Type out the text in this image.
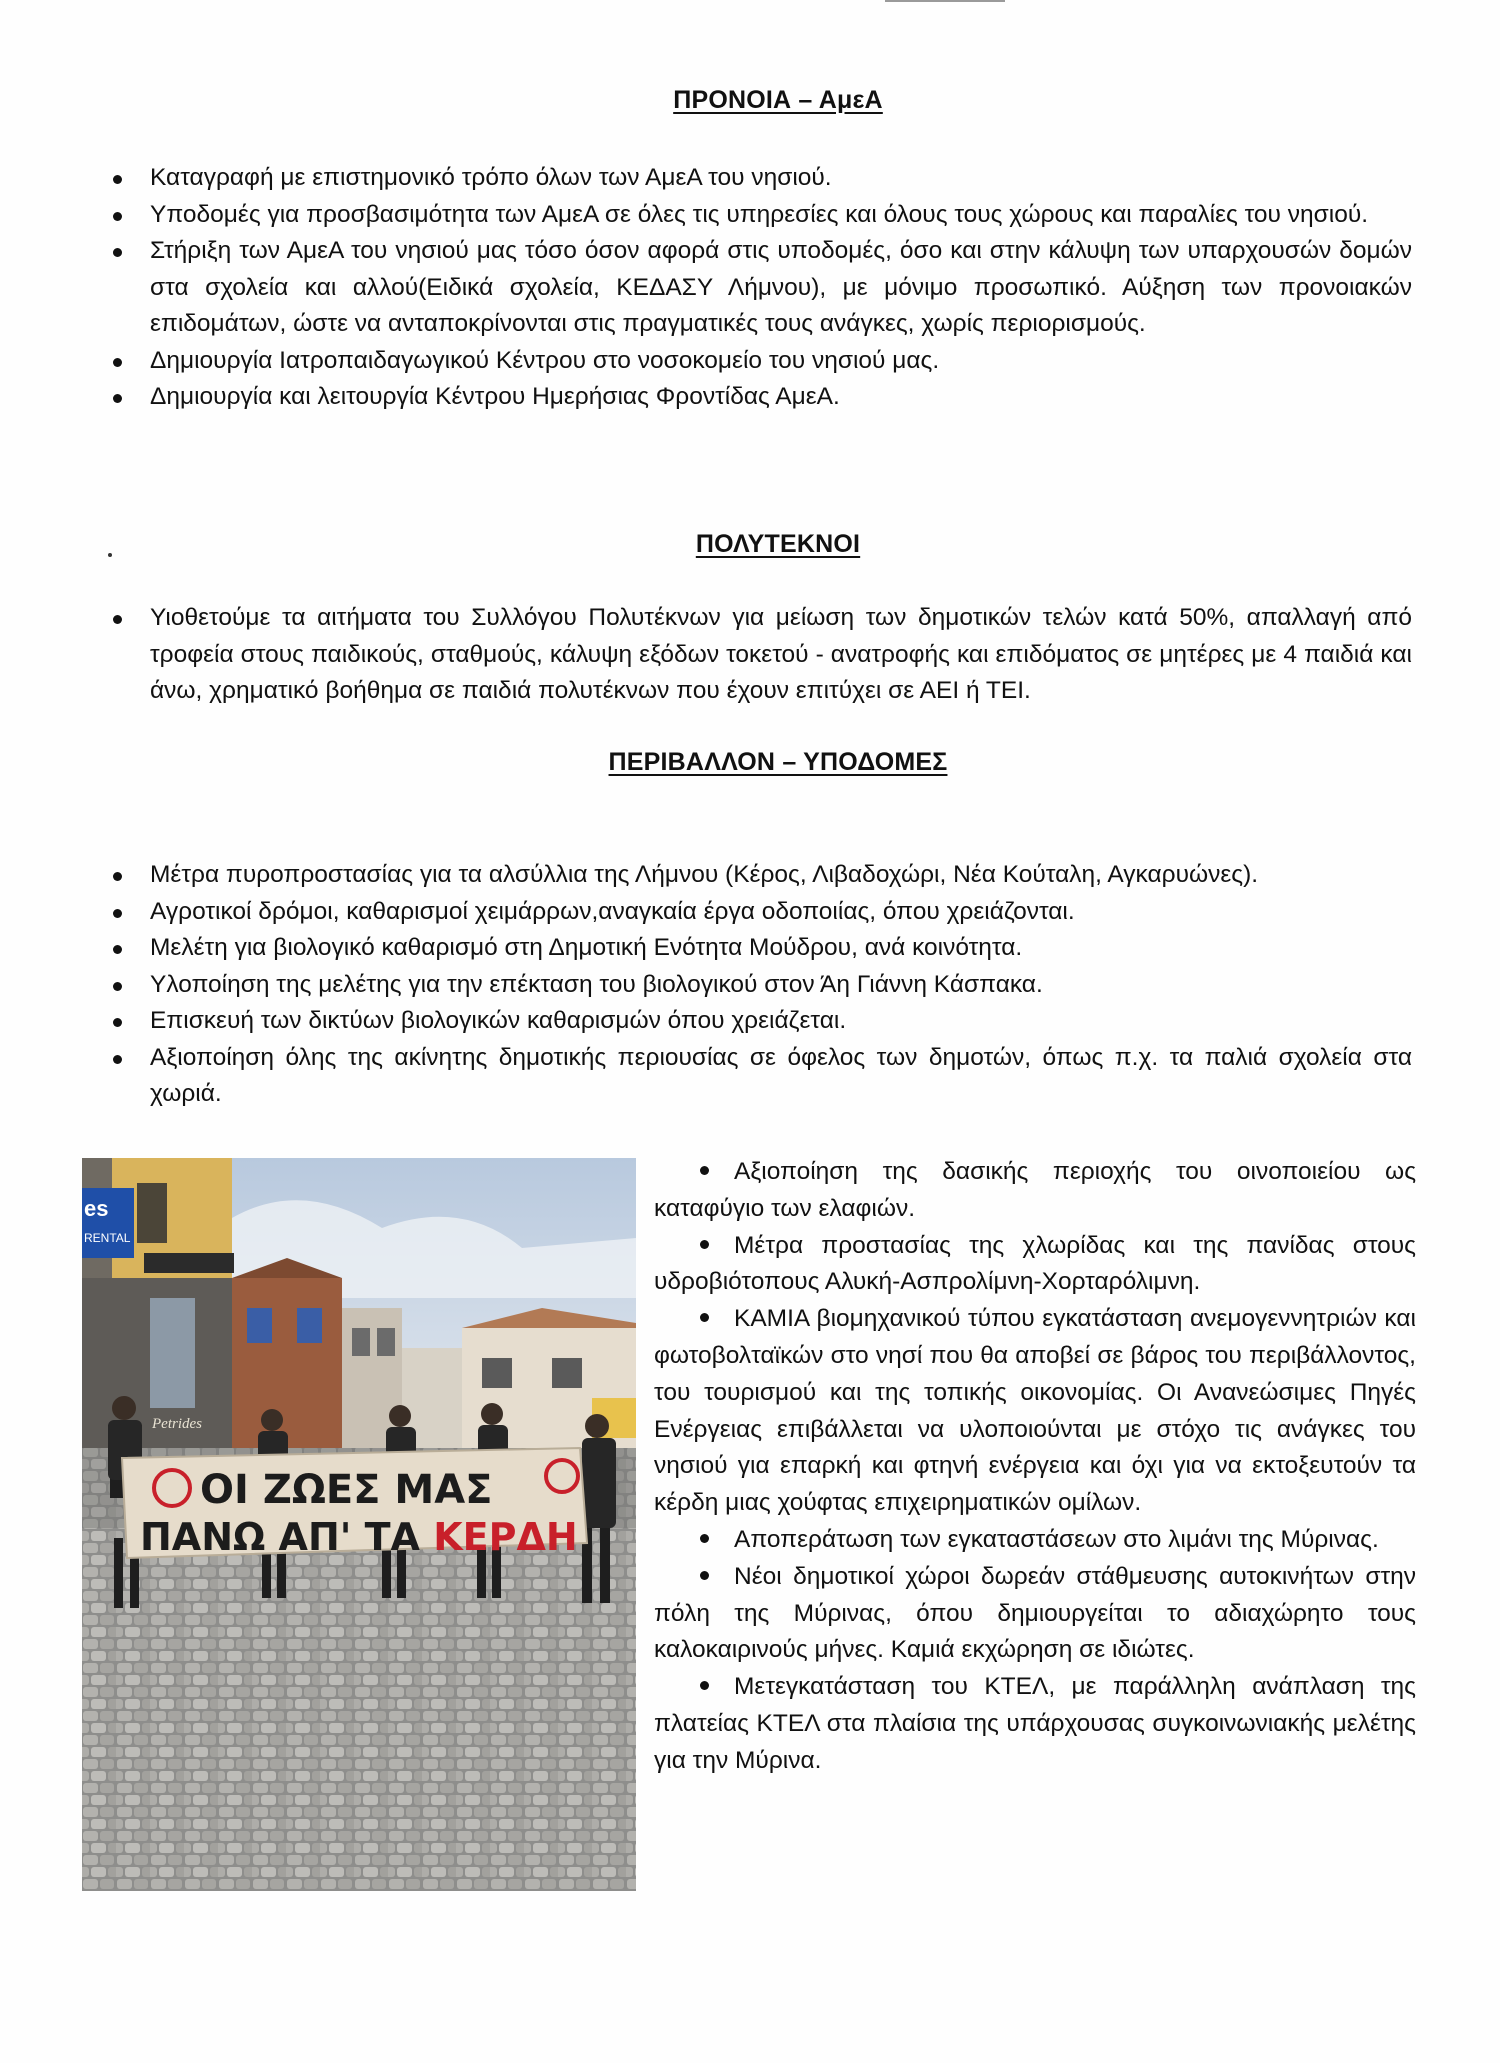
ΠΡΟΝΟΙΑ – ΑμεΑ
Καταγραφή με επιστημονικό τρόπο όλων των ΑμεΑ του νησιού.
Υποδομές για προσβασιμότητα των ΑμεΑ σε όλες τις υπηρεσίες και όλους τους χώρους και παραλίες του νησιού.
Στήριξη των ΑμεΑ του νησιού μας τόσο όσον αφορά στις υποδομές, όσο και στην κάλυψη των υπαρχουσών δομών στα σχολεία και αλλού(Ειδικά σχολεία, ΚΕΔΑΣΥ Λήμνου), με μόνιμο προσωπικό. Αύξηση των προνοιακών επιδομάτων, ώστε να ανταποκρίνονται στις πραγματικές τους ανάγκες, χωρίς περιορισμούς.
Δημιουργία Ιατροπαιδαγωγικού Κέντρου στο νοσοκομείο του νησιού μας.
Δημιουργία και λειτουργία Κέντρου Ημερήσιας Φροντίδας ΑμεΑ.
ΠΟΛΥΤΕΚΝΟΙ
Υιοθετούμε τα αιτήματα του Συλλόγου Πολυτέκνων για μείωση των δημοτικών τελών κατά 50%, απαλλαγή από τροφεία στους παιδικούς, σταθμούς, κάλυψη εξόδων τοκετού - ανατροφής και επιδόματος σε μητέρες με 4 παιδιά και άνω, χρηματικό βοήθημα σε παιδιά πολυτέκνων που έχουν επιτύχει σε ΑΕΙ ή ΤΕΙ.
ΠΕΡΙΒΑΛΛΟΝ – ΥΠΟΔΟΜΕΣ
Μέτρα πυροπροστασίας για τα αλσύλλια της Λήμνου (Κέρος, Λιβαδοχώρι, Νέα Κούταλη, Αγκαρυώνες).
Αγροτικοί δρόμοι, καθαρισμοί χειμάρρων,αναγκαία έργα οδοποιίας, όπου χρειάζονται.
Μελέτη για βιολογικό καθαρισμό στη Δημοτική Ενότητα Μούδρου, ανά κοινότητα.
Υλοποίηση της μελέτης για την επέκταση του βιολογικού στον Άη Γιάννη Κάσπακα.
Επισκευή των δικτύων βιολογικών καθαρισμών όπου χρειάζεται.
Αξιοποίηση όλης της ακίνητης δημοτικής περιουσίας σε όφελος των δημοτών, όπως π.χ. τα παλιά σχολεία στα χωριά.
es
RENTAL
Petrides
ΟΙ ΖΩΕΣ ΜΑΣ
ΠΑΝΩ ΑΠ' ΤΑ ΚΕΡΔΗ

Αξιοποίηση της δασικής περιοχής του οινοποιείου ως καταφύγιο των ελαφιών.

Μέτρα προστασίας της χλωρίδας και της πανίδας στους υδροβιότοπους Αλυκή-Ασπρολίμνη-Χορταρόλιμνη.

ΚΑΜΙΑ βιομηχανικού τύπου εγκατάσταση ανεμογεννητριών και φωτοβολταϊκών στο νησί που θα αποβεί σε βάρος του περιβάλλοντος, του τουρισμού και της τοπικής οικονομίας. Οι Ανανεώσιμες Πηγές Ενέργειας επιβάλλεται να υλοποιούνται με στόχο τις ανάγκες του νησιού για επαρκή και φτηνή ενέργεια και όχι για να εκτοξευτούν τα κέρδη μιας χούφτας επιχειρηματικών ομίλων.

Αποπεράτωση των εγκαταστάσεων στο λιμάνι της Μύρινας.

Νέοι δημοτικοί χώροι δωρεάν στάθμευσης αυτοκινήτων στην πόλη της Μύρινας, όπου δημιουργείται το αδιαχώρητο τους καλοκαιρινούς μήνες. Καμιά εκχώρηση σε ιδιώτες.

Μετεγκατάσταση του ΚΤΕΛ, με παράλληλη ανάπλαση της πλατείας ΚΤΕΛ στα πλαίσια της υπάρχουσας συγκοινωνιακής μελέτης για την Μύρινα.
